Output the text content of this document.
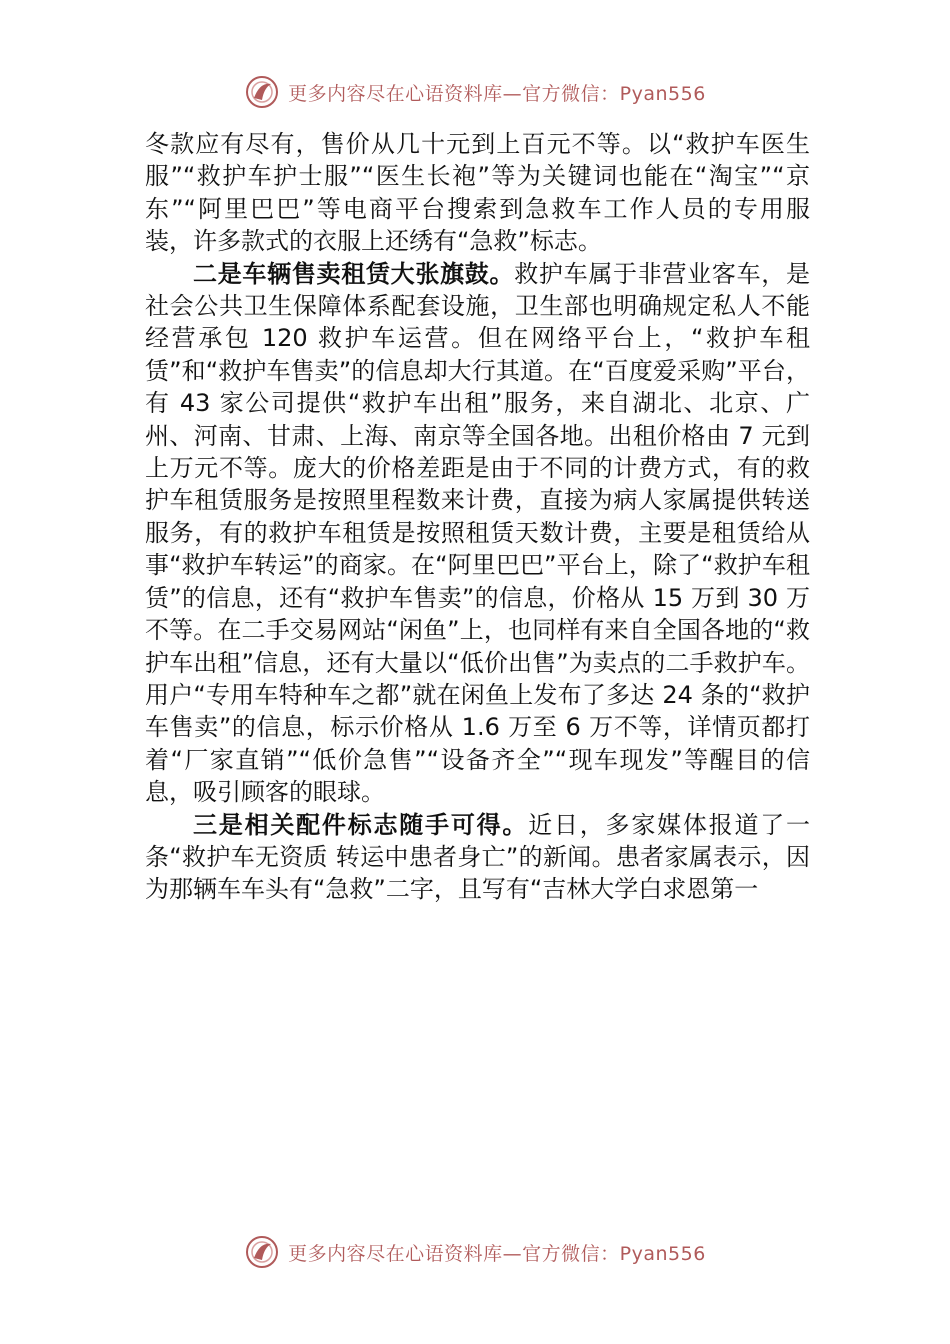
更多内容尽在心语资料库—官方微信：Pyan556

冬款应有尽有，售价从几十元到上百元不等。以“救护车医生服”“救护车护士服”“医生长袍”等为关键词也能在“淘宝”“京东”“阿里巴巴”等电商平台搜索到急救车工作人员的专用服 装，许多款式的衣服上还绣有“急救”标志。

二是车辆售卖租赁大张旗鼓。救护车属于非营业客车，是社会公共卫生保障体系配套设施，卫生部也明确规定私人不能经营承包 120 救护车运营。但在网络平台上，“救护车租赁”和“救护车售卖”的信息却大行其道。在“百度爱采购”平台，有 43 家公司提供“救护车出租”服务，来自湖北、北京、广州、河南、甘肃、上海、南京等全国各地。出租价格由 7 元到上万元不等。庞大的价格差距是由于不同的计费方式，有的救护车租赁服务是按照里程数来计费，直接为病人家属提供转送服务，有的救护车租赁是按照租赁天数计费，主要是租赁给从事“救护车转运”的商家。在“阿里巴巴”平台上，除了“救护车租赁”的信息，还有“救护车售卖”的信息，价格从 15 万到 30 万不等。在二手交易网站“闲鱼”上，也同样有来自全国各地的“救护车出租”信息，还有大量以“低价出售”为卖点的二手救护车。用户“专用车特种车之都”就在闲鱼上发布了多达 24 条的“救护车售卖”的信息，标示价格从 1.6 万至 6 万不等，详情页都打着“厂家直销”“低价急售”“设备齐全”“现车现发”等醒目的信息，吸引顾客的眼球。

三是相关配件标志随手可得。近日，多家媒体报道了一条“救护车无资质 转运中患者身亡”的新闻。患者家属表示，因为那辆车车头有“急救”二字，且写有“吉林大学白求恩第一

更多内容尽在心语资料库—官方微信：Pyan556
